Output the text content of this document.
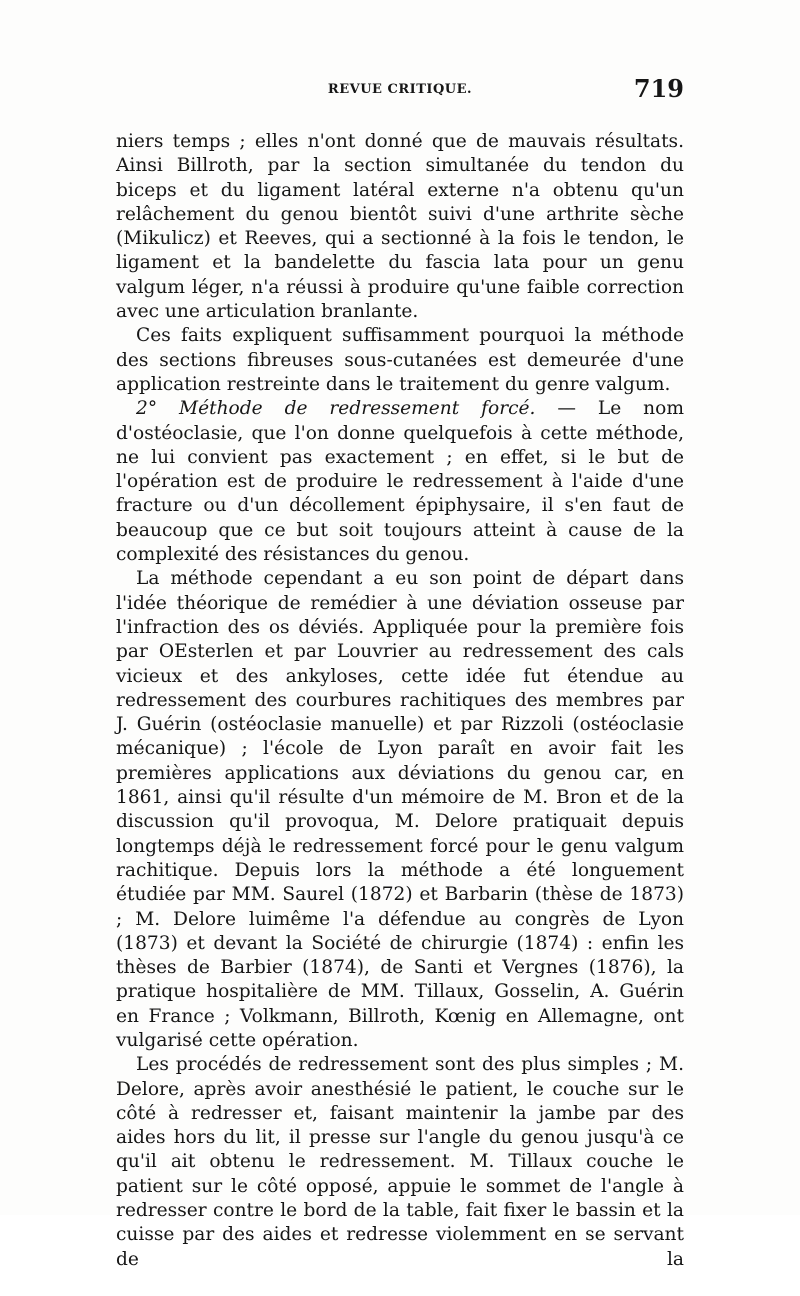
REVUE CRITIQUE.	719

niers temps ; elles n'ont donné que de mauvais résultats. Ainsi Billroth, par la section simultanée du tendon du biceps et du ligament latéral externe n'a obtenu qu'un relâchement du genou bientôt suivi d'une arthrite sèche (Mikulicz) et Reeves, qui a sectionné à la fois le tendon, le ligament et la bandelette du fascia lata pour un genu valgum léger, n'a réussi à produire qu'une faible correction avec une articulation branlante.

Ces faits expliquent suffisamment pourquoi la méthode des sections fibreuses sous-cutanées est demeurée d'une application restreinte dans le traitement du genre valgum.

2° Méthode de redressement forcé. — Le nom d'ostéoclasie, que l'on donne quelquefois à cette méthode, ne lui convient pas exactement ; en effet, si le but de l'opération est de produire le redressement à l'aide d'une fracture ou d'un décollement épiphysaire, il s'en faut de beaucoup que ce but soit toujours atteint à cause de la complexité des résistances du genou.

La méthode cependant a eu son point de départ dans l'idée théorique de remédier à une déviation osseuse par l'infraction des os déviés. Appliquée pour la première fois par OEsterlen et par Louvrier au redressement des cals vicieux et des ankyloses, cette idée fut étendue au redressement des courbures rachitiques des membres par J. Guérin (ostéoclasie manuelle) et par Rizzoli (ostéoclasie mécanique) ; l'école de Lyon paraît en avoir fait les premières applications aux déviations du genou car, en 1861, ainsi qu'il résulte d'un mémoire de M. Bron et de la discussion qu'il provoqua, M. Delore pratiquait depuis longtemps déjà le redressement forcé pour le genu valgum rachitique. Depuis lors la méthode a été longuement étudiée par MM. Saurel (1872) et Barbarin (thèse de 1873) ; M. Delore luimême l'a défendue au congrès de Lyon (1873) et devant la Société de chirurgie (1874) : enfin les thèses de Barbier (1874), de Santi et Vergnes (1876), la pratique hospitalière de MM. Tillaux, Gosselin, A. Guérin en France ; Volkmann, Billroth, Kœnig en Allemagne, ont vulgarisé cette opération.

Les procédés de redressement sont des plus simples ; M. Delore, après avoir anesthésié le patient, le couche sur le côté à redresser et, faisant maintenir la jambe par des aides hors du lit, il presse sur l'angle du genou jusqu'à ce qu'il ait obtenu le redressement. M. Tillaux couche le patient sur le côté opposé, appuie le sommet de l'angle à redresser contre le bord de la table, fait fixer le bassin et la cuisse par des aides et redresse violemment en se servant de la
